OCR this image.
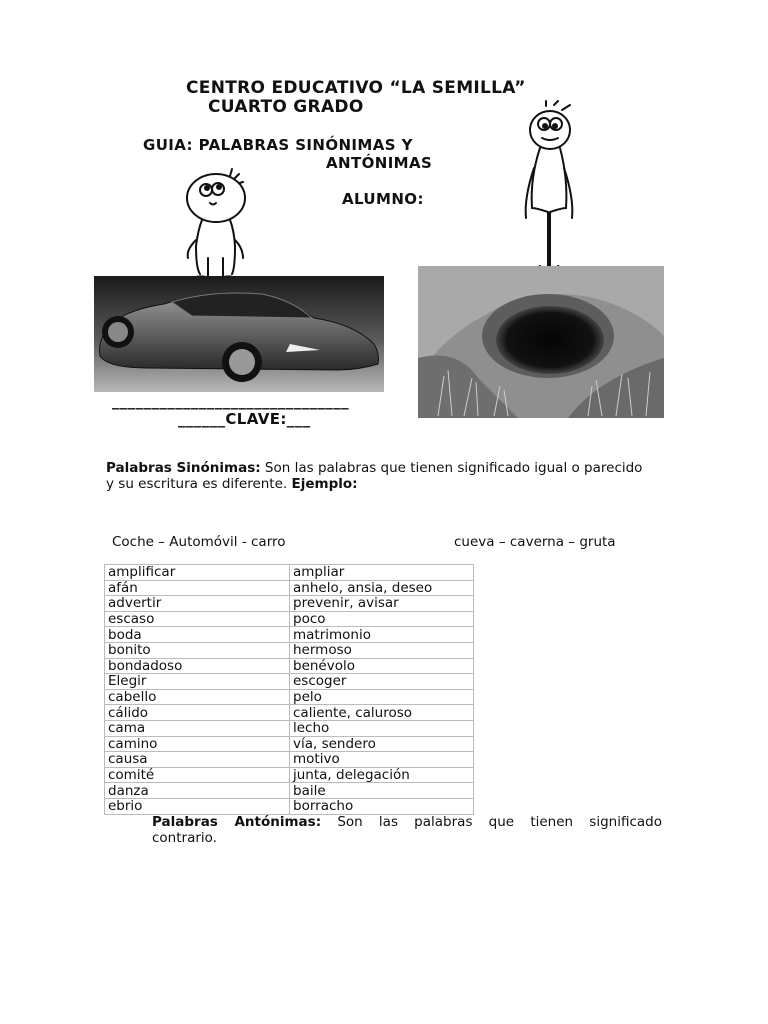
CENTRO EDUCATIVO “LA SEMILLA”
CUARTO GRADO
GUIA: PALABRAS SINÓNIMAS Y
ANTÓNIMAS
ALUMNO:
______________________________
______CLAVE:___
Palabras Sinónimas: Son las palabras que tienen significado igual o parecido y su escritura es diferente. Ejemplo:
Coche – Automóvil - carro	cueva – caverna – gruta
amplificar	ampliar
afán	anhelo, ansia, deseo
advertir	prevenir, avisar
escaso	poco
boda	matrimonio
bonito	hermoso
bondadoso	benévolo
Elegir	escoger
cabello	pelo
cálido	caliente, caluroso
cama	lecho
camino	vía, sendero
causa	motivo
comité	junta, delegación
danza	baile
ebrio	borracho
Palabras Antónimas: Son las palabras que tienen significado contrario.
